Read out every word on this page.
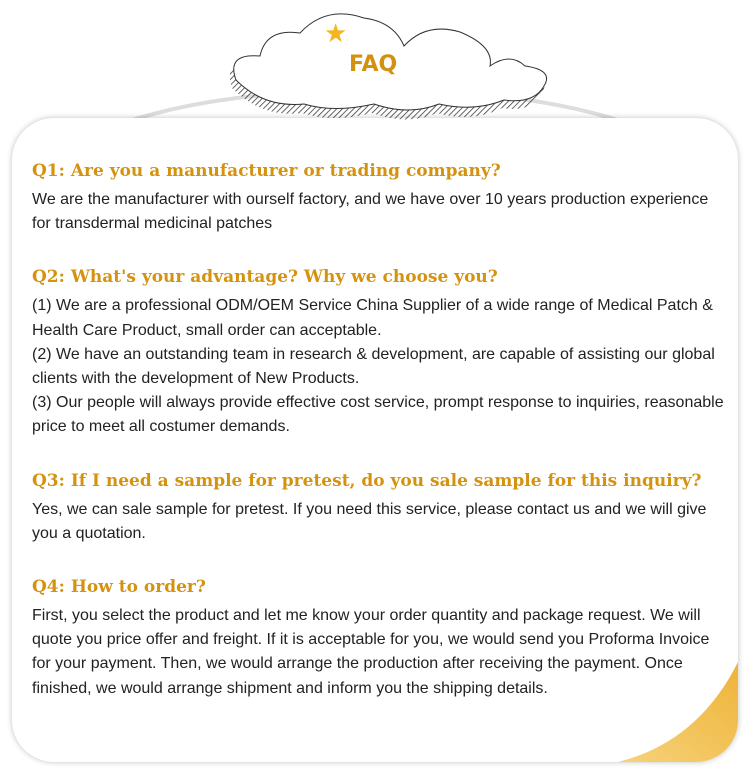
★
FAQ
Q1: Are you a manufacturer or trading company?

We are the manufacturer with ourself factory, and we have over 10 years production experience
for transdermal medicinal patches

Q2: What's your advantage? Why we choose you?

(1) We are a professional ODM/OEM Service China Supplier of a wide range of Medical Patch &
Health Care Product, small order can acceptable.
(2) We have an outstanding team in research & development, are capable of assisting our global
clients with the development of New Products.
(3) Our people will always provide effective cost service, prompt response to inquiries, reasonable
price to meet all costumer demands.

Q3: If I need a sample for pretest, do you sale sample for this inquiry?

Yes, we can sale sample for pretest. If you need this service, please contact us and we will give
you a quotation.

Q4: How to order?

First, you select the product and let me know your order quantity and package request. We will
quote you price offer and freight. If it is acceptable for you, we would send you Proforma Invoice
for your payment. Then, we would arrange the production after receiving the payment. Once
finished, we would arrange shipment and inform you the shipping details.
